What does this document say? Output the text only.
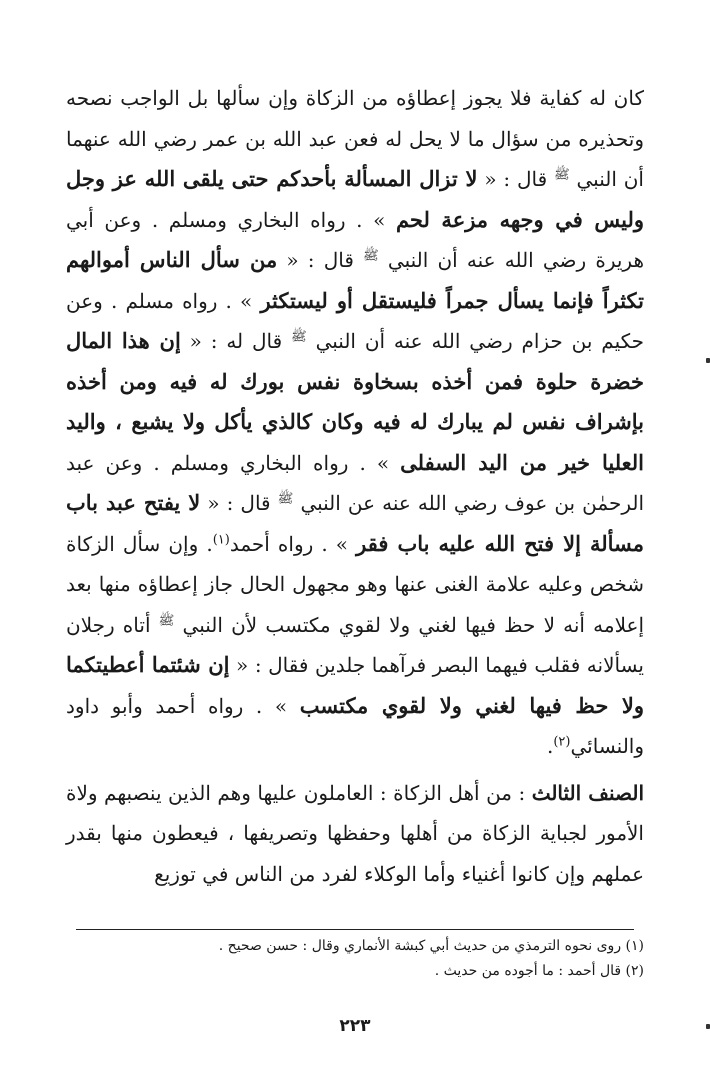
كان له كفاية فلا يجوز إعطاؤه من الزكاة وإن سألها بل الواجب نصحه وتحذيره من سؤال ما لا يحل له فعن عبد الله بن عمر رضي الله عنهما أن النبي $^ﷺ$ قال : « لا تزال المسألة بأحدكم حتى يلقى الله عز وجل وليس في وجهه مزعة لحم » . رواه البخاري ومسلم . وعن أبي هريرة رضي الله عنه أن النبي $^ﷺ$ قال : « من سأل الناس أموالهم تكثراً فإنما يسأل جمراً فليستقل أو ليستكثر » . رواه مسلم . وعن حكيم بن حزام رضي الله عنه أن النبي $^ﷺ$ قال له : « إن هذا المال خضرة حلوة فمن أخذه بسخاوة نفس بورك له فيه ومن أخذه بإشراف نفس لم يبارك له فيه وكان كالذي يأكل ولا يشبع ، واليد العليا خير من اليد السفلى » . رواه البخاري ومسلم . وعن عبد الرحمٰن بن عوف رضي الله عنه عن النبي $^ﷺ$ قال : « لا يفتح عبد باب مسألة إلا فتح الله عليه باب فقر » . رواه أحمد$^{(١)}$. وإن سأل الزكاة شخص وعليه علامة الغنى عنها وهو مجهول الحال جاز إعطاؤه منها بعد إعلامه أنه لا حظ فيها لغني ولا لقوي مكتسب لأن النبي $^ﷺ$ أتاه رجلان يسألانه فقلب فيهما البصر فرآهما جلدين فقال : « إن شئتما أعطيتكما ولا حظ فيها لغني ولا لقوي مكتسب » . رواه أحمد وأبو داود والنسائي$^{(٢)}$.

الصنف الثالث : من أهل الزكاة : العاملون عليها وهم الذين ينصبهم ولاة الأمور لجباية الزكاة من أهلها وحفظها وتصريفها ، فيعطون منها بقدر عملهم وإن كانوا أغنياء وأما الوكلاء لفرد من الناس في توزيع

(١) روى نحوه الترمذي من حديث أبي كبشة الأنماري وقال : حسن صحيح .

(٢) قال أحمد : ما أجوده من حديث .

٢٢٣
